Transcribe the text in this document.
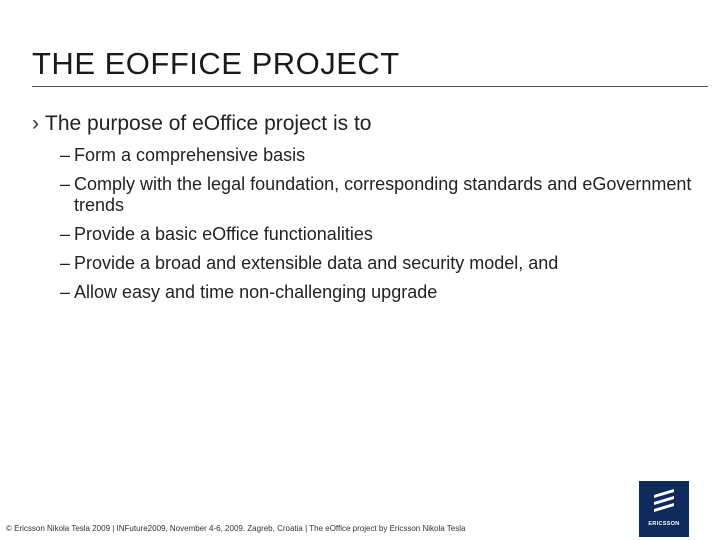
THE EOFFICE PROJECT
› The purpose of eOffice project is to
– Form a comprehensive basis
– Comply with the legal foundation, corresponding standards and eGovernment trends
– Provide a basic eOffice functionalities
– Provide a broad and extensible data and security model, and
– Allow easy and time non-challenging upgrade
© Ericsson Nikola Tesla 2009 | INFuture2009, November 4-6, 2009. Zagreb, Croatia | The eOffice project by Ericsson Nikola Tesla	ERICSSON
